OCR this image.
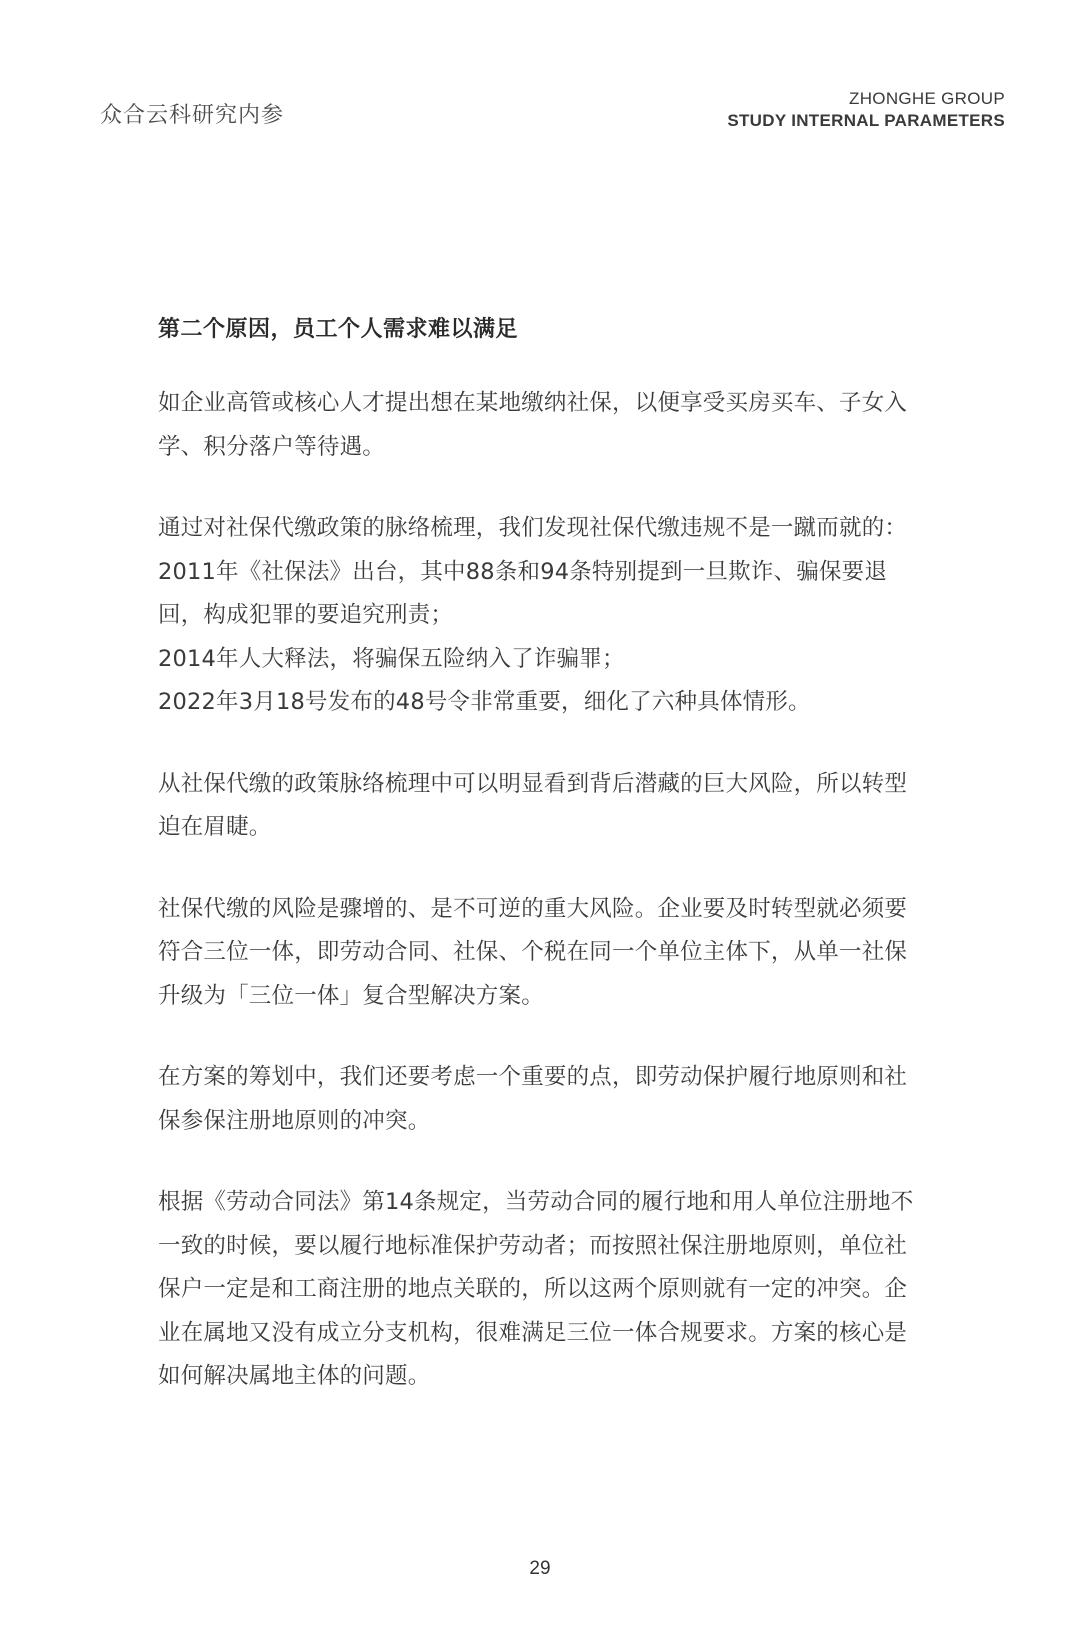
众合云科研究内参
ZHONGHE GROUP
STUDY INTERNAL PARAMETERS

第二个原因，员工个人需求难以满足

如企业高管或核心人才提出想在某地缴纳社保，以便享受买房买车、子女入
学、积分落户等待遇。

通过对社保代缴政策的脉络梳理，我们发现社保代缴违规不是一蹴而就的：
2011年《社保法》出台，其中88条和94条特别提到一旦欺诈、骗保要退
回，构成犯罪的要追究刑责；
2014年人大释法，将骗保五险纳入了诈骗罪；
2022年3月18号发布的48号令非常重要，细化了六种具体情形。

从社保代缴的政策脉络梳理中可以明显看到背后潜藏的巨大风险，所以转型
迫在眉睫。

社保代缴的风险是骤增的、是不可逆的重大风险。企业要及时转型就必须要
符合三位一体，即劳动合同、社保、个税在同一个单位主体下，从单一社保
升级为「三位一体」复合型解决方案。

在方案的筹划中，我们还要考虑一个重要的点，即劳动保护履行地原则和社
保参保注册地原则的冲突。

根据《劳动合同法》第14条规定，当劳动合同的履行地和用人单位注册地不
一致的时候，要以履行地标准保护劳动者；而按照社保注册地原则，单位社
保户一定是和工商注册的地点关联的，所以这两个原则就有一定的冲突。企
业在属地又没有成立分支机构，很难满足三位一体合规要求。方案的核心是
如何解决属地主体的问题。

29
